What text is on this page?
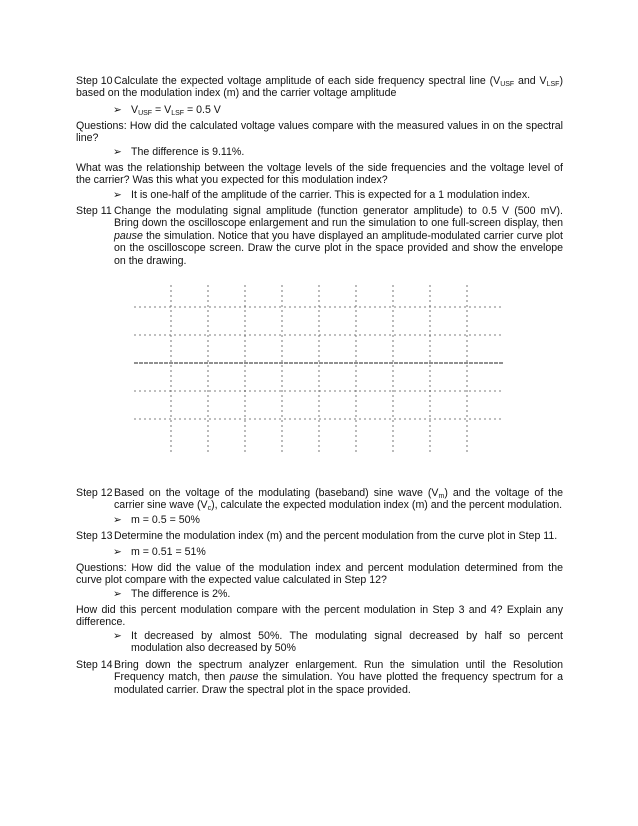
Step 10 Calculate the expected voltage amplitude of each side frequency spectral line ($V_{USF}$ and $V_{LSF}$) based on the modulation index (m) and the carrier voltage amplitude
➢ $V_{USF} = V_{LSF} = 0.5$ V
Questions: How did the calculated voltage values compare with the measured values in on the spectral line?
➢ The difference is 9.11%.
What was the relationship between the voltage levels of the side frequencies and the voltage level of the carrier? Was this what you expected for this modulation index?
➢ It is one-half of the amplitude of the carrier. This is expected for a 1 modulation index.
Step 11 Change the modulating signal amplitude (function generator amplitude) to 0.5 V (500 mV). Bring down the oscilloscope enlargement and run the simulation to one full-screen display, then pause the simulation. Notice that you have displayed an amplitude-modulated carrier curve plot on the oscilloscope screen. Draw the curve plot in the space provided and show the envelope on the drawing.
Step 12 Based on the voltage of the modulating (baseband) sine wave $(V_m)$ and the voltage of the carrier sine wave $(V_c)$, calculate the expected modulation index (m) and the percent modulation.
➢ m = 0.5 = 50%
Step 13 Determine the modulation index (m) and the percent modulation from the curve plot in Step 11.
➢ m = 0.51 = 51%
Questions: How did the value of the modulation index and percent modulation determined from the curve plot compare with the expected value calculated in Step 12?
➢ The difference is 2%.
How did this percent modulation compare with the percent modulation in Step 3 and 4? Explain any difference.
➢ It decreased by almost 50%. The modulating signal decreased by half so percent modulation also decreased by 50%
Step 14 Bring down the spectrum analyzer enlargement. Run the simulation until the Resolution Frequency match, then pause the simulation. You have plotted the frequency spectrum for a modulated carrier. Draw the spectral plot in the space provided.
